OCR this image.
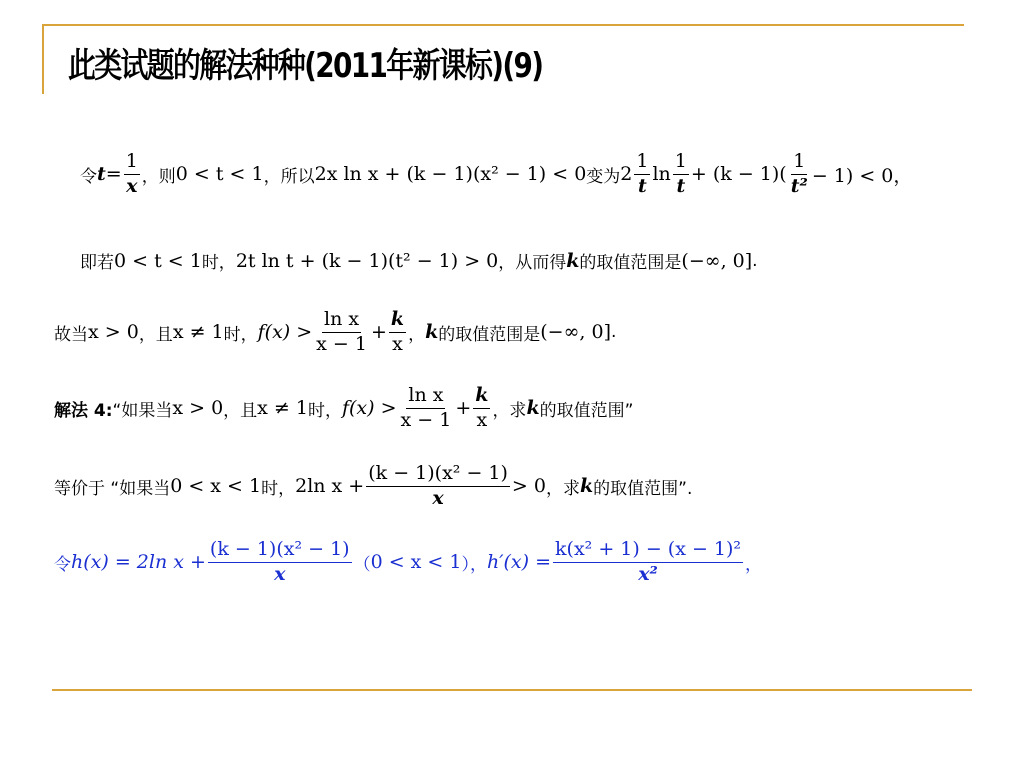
此类试题的解法种种(2011年新课标)(9)
令 $t = \frac{1}{x}$ ，则 0 < t < 1 ，所以 2x ln x + (k − 1)(x² − 1) < 0 变为 $2 \frac{1}{t}$ $\ln \frac{1}{t} + (k - 1)( \frac{1}{\text{t²}} - 1) < 0$，
即若 0 < t < 1 时， 2t ln t + (k − 1)(t² − 1) > 0 ，从而得 k 的取值范围是 (−∞, 0] .
故当 x > 0 ，且 x ≠ 1 时， $f(x) > \frac{\text{ln x}}{x - 1} + \frac{k}{x}$ ， k 的取值范围是 (−∞, 0] .
解法 4: “如果当 x > 0 ，且 x ≠ 1 时， $f(x) > \frac{\text{ln x}}{x - 1} + \frac{k}{x}$ ，求 k 的取值范围”
等价于 “如果当 0 < x < 1 时， 2ln $x + \frac{\text{(k − 1)(x² − 1)}}{x} > 0$ ，求 k 的取值范围”.
令 h(x) = 2ln $x + \frac{\text{(k − 1)(x² − 1)}}{x}$ （ 0 < x < 1 ）， $h'(x) = \frac{\text{k(x² + 1) − (x − 1)²}}{\text{x²}}$ ，
